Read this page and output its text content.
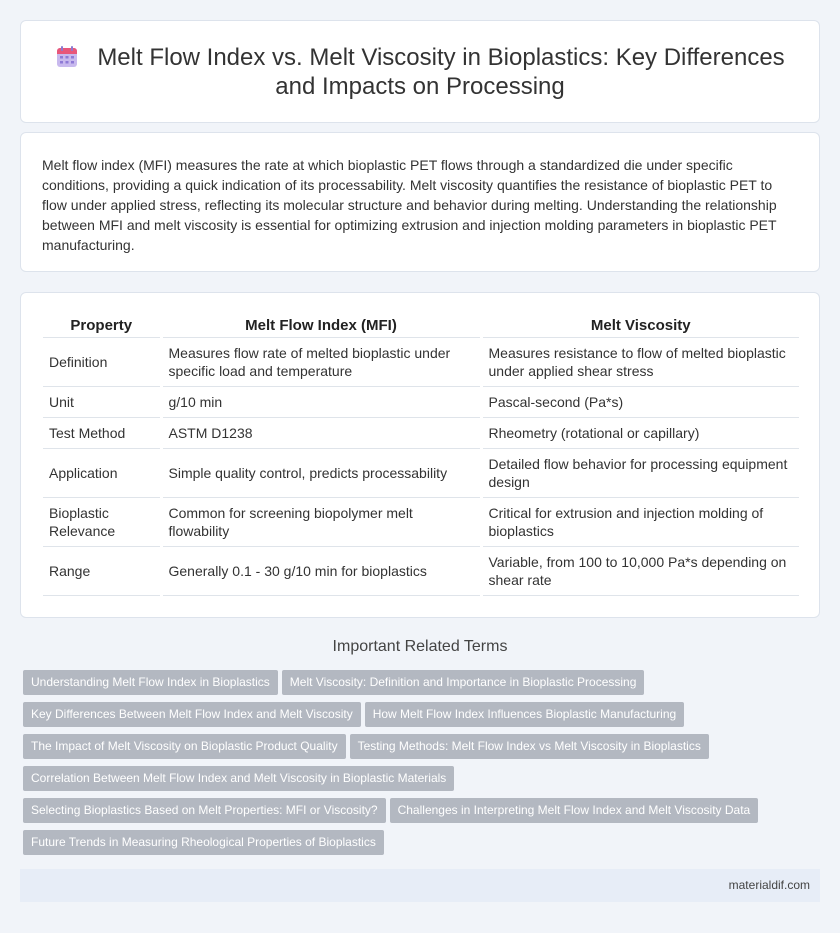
Melt Flow Index vs. Melt Viscosity in Bioplastics: Key Differences and Impacts on Processing

Melt flow index (MFI) measures the rate at which bioplastic PET flows through a standardized die under specific conditions, providing a quick indication of its processability. Melt viscosity quantifies the resistance of bioplastic PET to flow under applied stress, reflecting its molecular structure and behavior during melting. Understanding the relationship between MFI and melt viscosity is essential for optimizing extrusion and injection molding parameters in bioplastic PET manufacturing.

Property	Melt Flow Index (MFI)	Melt Viscosity
Definition	Measures flow rate of melted bioplastic under specific load and temperature	Measures resistance to flow of melted bioplastic under applied shear stress
Unit	g/10 min	Pascal-second (Pa*s)
Test Method	ASTM D1238	Rheometry (rotational or capillary)
Application	Simple quality control, predicts processability	Detailed flow behavior for processing equipment design
Bioplastic Relevance	Common for screening biopolymer melt flowability	Critical for extrusion and injection molding of bioplastics
Range	Generally 0.1 - 30 g/10 min for bioplastics	Variable, from 100 to 10,000 Pa*s depending on shear rate
Important Related Terms
Understanding Melt Flow Index in Bioplastics Melt Viscosity: Definition and Importance in Bioplastic Processing
Key Differences Between Melt Flow Index and Melt Viscosity How Melt Flow Index Influences Bioplastic Manufacturing
The Impact of Melt Viscosity on Bioplastic Product Quality Testing Methods: Melt Flow Index vs Melt Viscosity in Bioplastics
Correlation Between Melt Flow Index and Melt Viscosity in Bioplastic Materials
Selecting Bioplastics Based on Melt Properties: MFI or Viscosity? Challenges in Interpreting Melt Flow Index and Melt Viscosity Data
Future Trends in Measuring Rheological Properties of Bioplastics
materialdif.com
